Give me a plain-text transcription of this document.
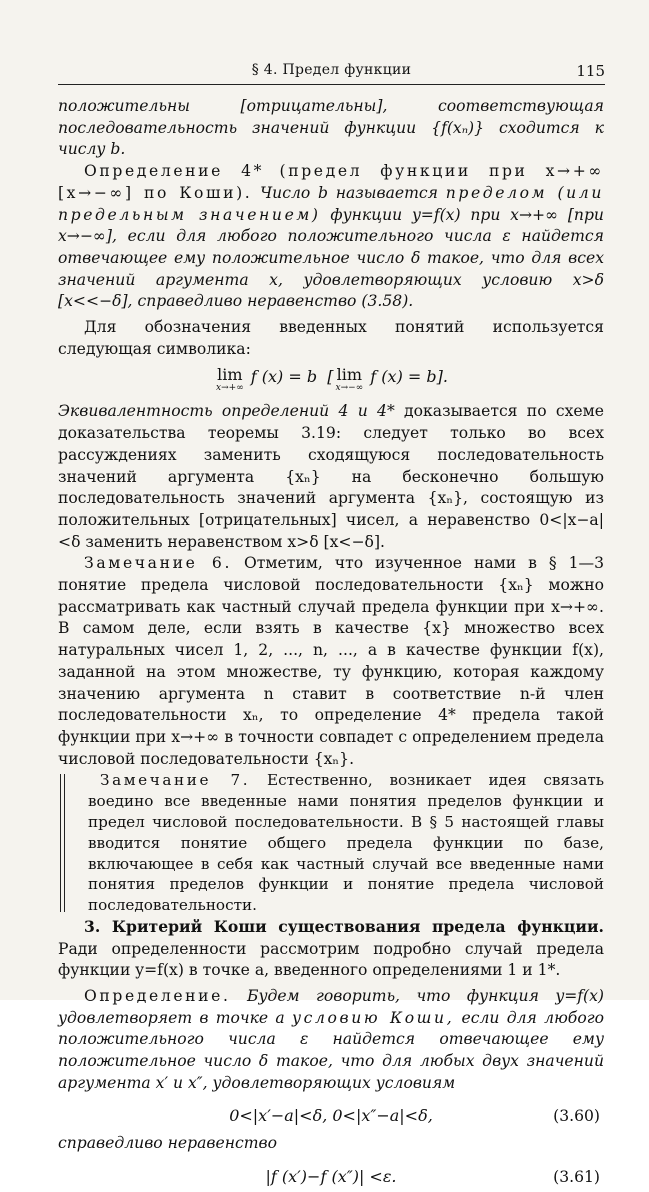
§ 4. Предел функции	115

положительны [отрицательны], соответствующая последовательность значений функции {f(xₙ)} сходится к числу b.

Определение 4* (предел функции при x→+∞ [x→−∞] по Коши). Число b называется пределом (или предельным значением) функции y=f(x) при x→+∞ [при x→−∞], если для любого положительного числа ε найдется отвечающее ему положительное число δ такое, что для всех значений аргумента x, удовлетворяющих условию x>δ [x<<−δ], справедливо неравенство (3.58).

Для обозначения введенных понятий используется следующая символика:

lim
x→+∞
f (x) = b [ lim
x→−∞
f (x) = b].

Эквивалентность определений 4 и 4* доказывается по схеме доказательства теоремы 3.19: следует только во всех рассуждениях заменить сходящуюся последовательность значений аргумента {xₙ} на бесконечно большую последовательность значений аргумента {xₙ}, состоящую из положительных [отрицательных] чисел, а неравенство 0<|x−a|<δ заменить неравенством x>δ [x<−δ].

Замечание 6. Отметим, что изученное нами в § 1—3 понятие предела числовой последовательности {xₙ} можно рассматривать как частный случай предела функции при x→+∞. В самом деле, если взять в качестве {x} множество всех натуральных чисел 1, 2, ..., n, ..., а в качестве функции f(x), заданной на этом множестве, ту функцию, которая каждому значению аргумента n ставит в соответствие n-й член последовательности xₙ, то определение 4* предела такой функции при x→+∞ в точности совпадет с определением предела числовой последовательности {xₙ}.

Замечание 7. Естественно, возникает идея связать воедино все введенные нами понятия пределов функции и предел числовой последовательности. В § 5 настоящей главы вводится понятие общего предела функции по базе, включающее в себя как частный случай все введенные нами понятия пределов функции и понятие предела числовой последовательности.

3. Критерий Коши существования предела функции. Ради определенности рассмотрим подробно случай предела функции y=f(x) в точке a, введенного определениями 1 и 1*.

Определение. Будем говорить, что функция y=f(x) удовлетворяет в точке a условию Коши, если для любого положительного числа ε найдется отвечающее ему положительное число δ такое, что для любых двух значений аргумента x′ и x″, удовлетворяющих условиям

0<|x′−a|<δ, 0<|x″−a|<δ,	(3.60)

справедливо неравенство

|f (x′)−f (x″)| <ε.	(3.61)
